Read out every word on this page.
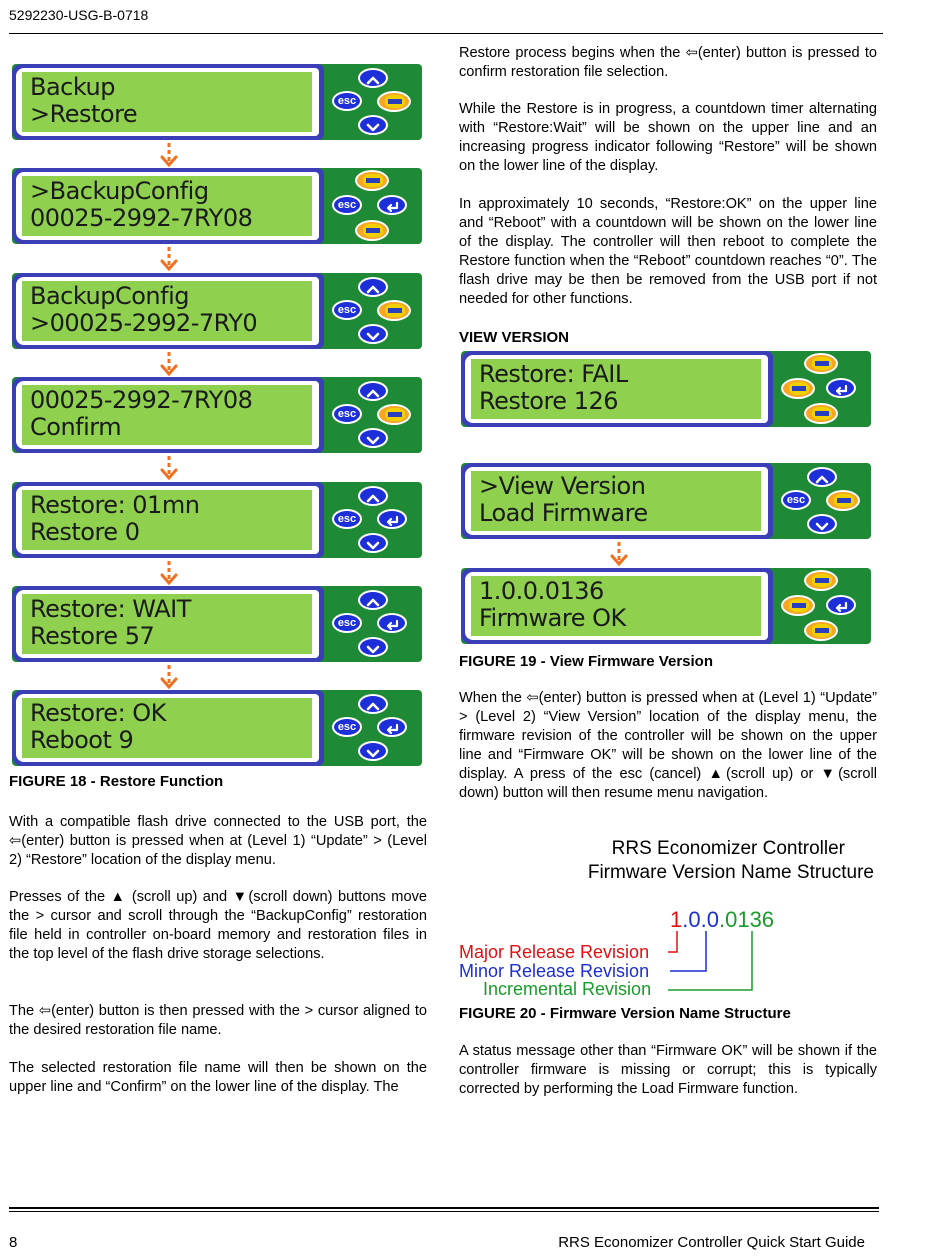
5292230-USG-B-0718
Backup
>Restore	esc
>BackupConfig
00025-2992-7RY08	esc
BackupConfig
>00025-2992-7RY0	esc
00025-2992-7RY08
Confirm	esc
Restore: 01mn
Restore 0	esc
Restore: WAIT
Restore 57	esc
Restore: OK
Reboot 9	esc
FIGURE 18 - Restore Function

With a compatible flash drive connected to the USB port, the ⇦(enter) button is pressed when at (Level 1) “Update” > (Level 2) “Restore” location of the display menu.

Presses of the ▲ (scroll up) and ▼(scroll down) buttons move the > cursor and scroll through the “BackupConfig” restoration file held in controller on-board memory and restoration files in the top level of the flash drive storage selections.

The ⇦(enter) button is then pressed with the > cursor aligned to the desired restoration file name.

The selected restoration file name will then be shown on the upper line and “Confirm” on the lower line of the display. The

Restore process begins when the ⇦(enter) button is pressed to confirm restoration file selection.

While the Restore is in progress, a countdown timer alternating with “Restore:Wait” will be shown on the upper line and an increasing progress indicator following “Restore” will be shown on the lower line of the display.

In approximately 10 seconds, “Restore:OK” on the upper line and “Reboot” with a countdown will be shown on the lower line of the display. The controller will then reboot to complete the Restore function when the “Reboot” countdown reaches “0”. The flash drive may be then be removed from the USB port if not needed for other functions.

VIEW VERSION
Restore: FAIL
Restore 126
>View Version
Load Firmware	esc
1.0.0.0136
Firmware OK
FIGURE 19 - View Firmware Version

When the ⇦(enter) button is pressed when at (Level 1) “Update” > (Level 2) “View Version” location of the display menu, the firmware revision of the controller will be shown on the upper line and “Firmware OK” will be shown on the lower line of the display. A press of the esc (cancel) ▲(scroll up) or ▼(scroll down) button will then resume menu navigation.

RRS Economizer Controller
Firmware Version Name Structure
1.0.0.0136
Major Release Revision
Minor Release Revision
Incremental Revision
FIGURE 20 - Firmware Version Name Structure

A status message other than “Firmware OK” will be shown if the controller firmware is missing or corrupt; this is typically corrected by performing the Load Firmware function.

8	RRS Economizer Controller Quick Start Guide
